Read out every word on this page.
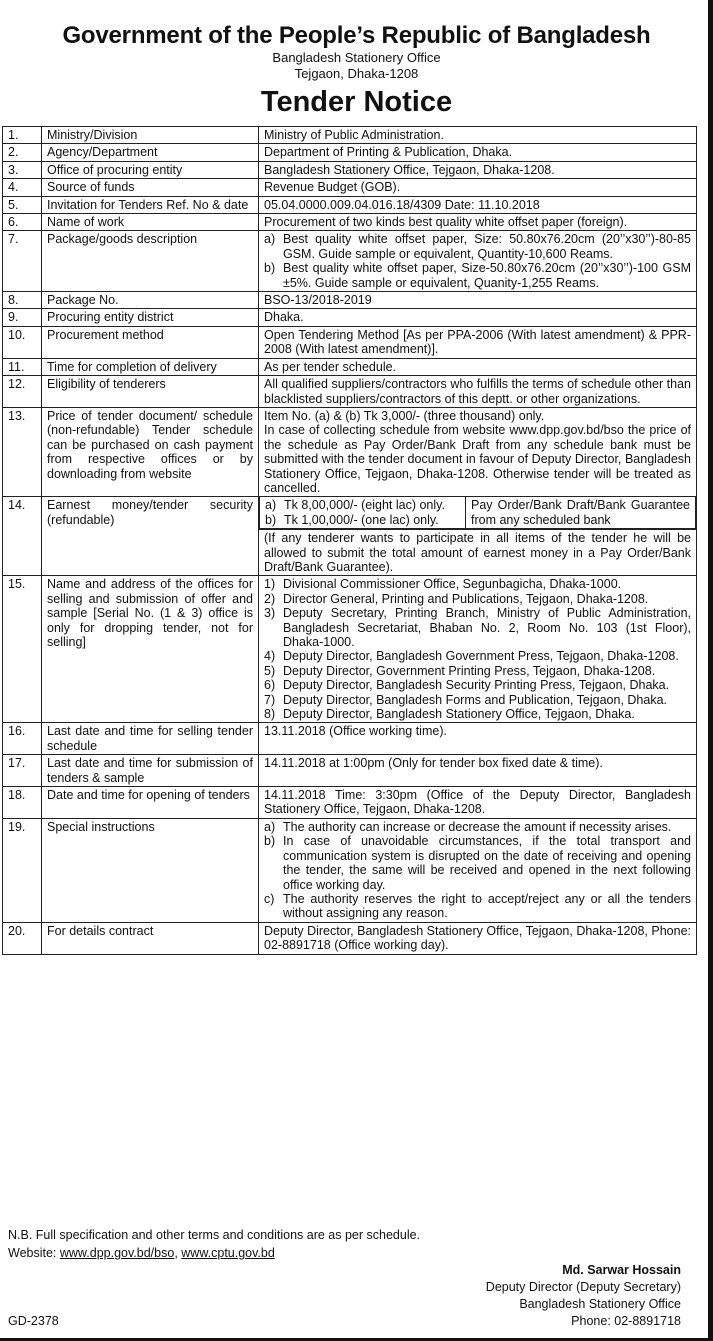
Government of the People’s Republic of Bangladesh
Bangladesh Stationery Office
Tejgaon, Dhaka-1208
Tender Notice
1.	Ministry/Division	Ministry of Public Administration.

2.	Agency/Department	Department of Printing & Publication, Dhaka.

3.	Office of procuring entity	Bangladesh Stationery Office, Tejgaon, Dhaka-1208.

4.	Source of funds	Revenue Budget (GOB).

5.	Invitation for Tenders Ref. No & date	05.04.0000.009.04.016.18/4309 Date: 11.10.2018

6.	Name of work	Procurement of two kinds best quality white offset paper (foreign).

7.	Package/goods description	a) Best quality white offset paper, Size: 50.80x76.20cm (20’’x30’’)-80-85 GSM. Guide sample or equivalent, Quantity-10,600 Reams.
b) Best quality white offset paper, Size-50.80x76.20cm (20’’x30’’)-100 GSM ±5%. Guide sample or equivalent, Quanity-1,255 Reams.

8.	Package No.	BSO-13/2018-2019

9.	Procuring entity district	Dhaka.

10.	Procurement method	Open Tendering Method [As per PPA-2006 (With latest amendment) & PPR-2008 (With latest amendment)].

11.	Time for completion of delivery	As per tender schedule.

12.	Eligibility of tenderers	All qualified suppliers/contractors who fulfills the terms of schedule other than blacklisted suppliers/contractors of this deptt. or other organizations.

13.	Price of tender document/ schedule (non-refundable) Tender schedule can be purchased on cash payment from respective offices or by downloading from website	
Item No. (a) & (b) Tk 3,000/- (three thousand) only.
In case of collecting schedule from website www.dpp.gov.bd/bso the price of the schedule as Pay Order/Bank Draft from any schedule bank must be submitted with the tender document in favour of Deputy Director, Bangladesh Stationery Office, Tejgaon, Dhaka-1208. Otherwise tender will be treated as cancelled.

14.	Earnest money/tender security (refundable)	
a) Tk 8,00,000/- (eight lac) only.
b) Tk 1,00,000/- (one lac) only.
	Pay Order/Bank Draft/Bank Guarantee from any scheduled bank
(If any tenderer wants to participate in all items of the tender he will be allowed to submit the total amount of earnest money in a Pay Order/Bank Draft/Bank Guarantee).

15.	Name and address of the offices for selling and submission of offer and sample [Serial No. (1 & 3) office is only for dropping tender, not for selling]	
1) Divisional Commissioner Office, Segunbagicha, Dhaka-1000.
2) Director General, Printing and Publications, Tejgaon, Dhaka-1208.
3) Deputy Secretary, Printing Branch, Ministry of Public Administration, Bangladesh Secretariat, Bhaban No. 2, Room No. 103 (1st Floor), Dhaka-1000.
4) Deputy Director, Bangladesh Government Press, Tejgaon, Dhaka-1208.
5) Deputy Director, Government Printing Press, Tejgaon, Dhaka-1208.
6) Deputy Director, Bangladesh Security Printing Press, Tejgaon, Dhaka.
7) Deputy Director, Bangladesh Forms and Publication, Tejgaon, Dhaka.
8) Deputy Director, Bangladesh Stationery Office, Tejgaon, Dhaka.

16.	Last date and time for selling tender schedule	
13.11.2018 (Office working time).

17.	Last date and time for submission of tenders & sample	
14.11.2018 at 1:00pm (Only for tender box fixed date & time).

18.	Date and time for opening of tenders	14.11.2018 Time: 3:30pm (Office of the Deputy Director, Bangladesh Stationery Office, Tejgaon, Dhaka-1208.

19.	Special instructions	a) The authority can increase or decrease the amount if necessity arises.
b) In case of unavoidable circumstances, if the total transport and communication system is disrupted on the date of receiving and opening the tender, the same will be received and opened in the next following office working day.
c) The authority reserves the right to accept/reject any or all the tenders without assigning any reason.

20.	For details contract	Deputy Director, Bangladesh Stationery Office, Tejgaon, Dhaka-1208, Phone: 02-8891718 (Office working day).
N.B. Full specification and other terms and conditions are as per schedule.
Website: www.dpp.gov.bd/bso, www.cptu.gov.bd
Md. Sarwar Hossain
Deputy Director (Deputy Secretary)
Bangladesh Stationery Office
Phone: 02-8891718
GD-2378
